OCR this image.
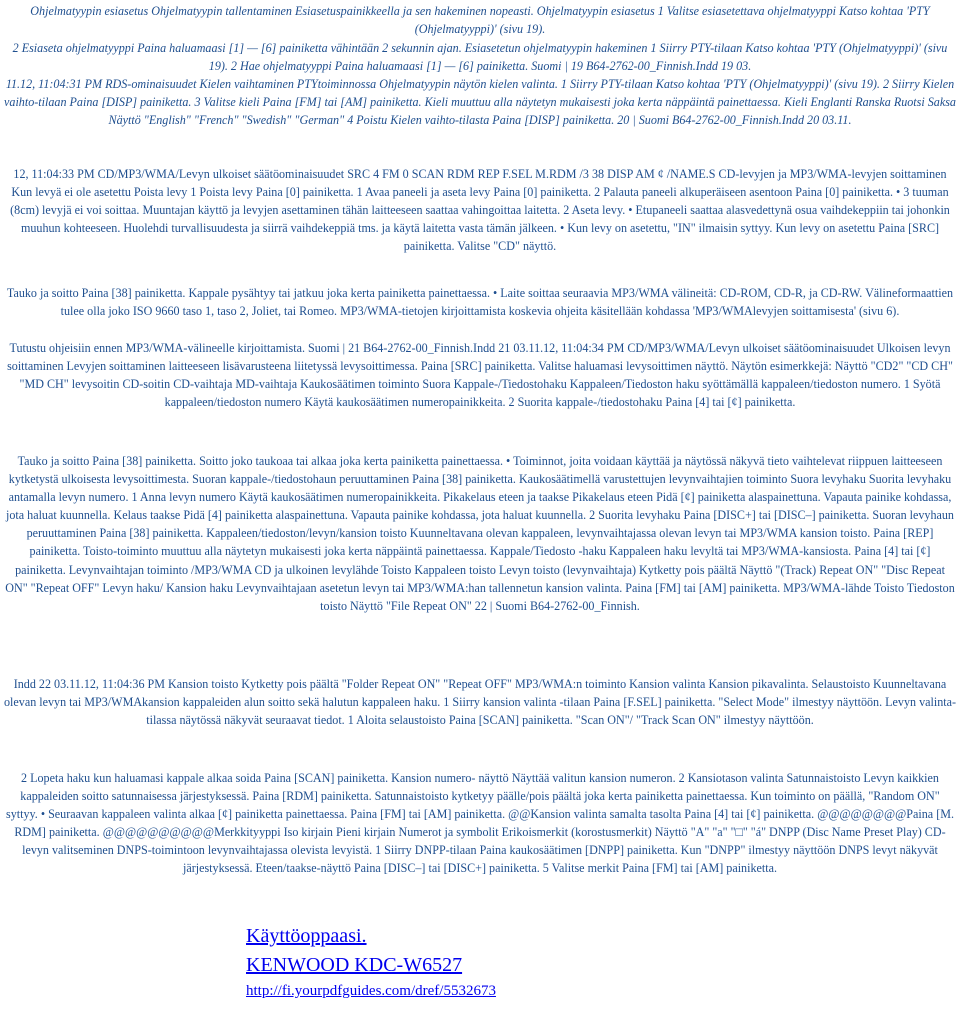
Ohjelmatyypin esiasetus Ohjelmatyypin tallentaminen Esiasetuspainikkeella ja sen hakeminen nopeasti. Ohjelmatyypin esiasetus 1 Valitse esiasetettava ohjelmatyyppi Katso kohtaa 'PTY (Ohjelmatyyppi)' (sivu 19).

2 Esiaseta ohjelmatyyppi Paina haluamaasi [1] — [6] painiketta vähintään 2 sekunnin ajan. Esiasetetun ohjelmatyypin hakeminen 1 Siirry PTY-tilaan Katso kohtaa 'PTY (Ohjelmatyyppi)' (sivu 19). 2 Hae ohjelmatyyppi Paina haluamaasi [1] — [6] painiketta. Suomi | 19 B64-2762-00_Finnish.Indd 19 03.

11.12, 11:04:31 PM RDS-ominaisuudet Kielen vaihtaminen PTYtoiminnossa Ohjelmatyypin näytön kielen valinta. 1 Siirry PTY-tilaan Katso kohtaa 'PTY (Ohjelmatyyppi)' (sivu 19). 2 Siirry Kielen vaihto-tilaan Paina [DISP] painiketta. 3 Valitse kieli Paina [FM] tai [AM] painiketta. Kieli muuttuu alla näytetyn mukaisesti joka kerta näppäintä painettaessa. Kieli Englanti Ranska Ruotsi Saksa Näyttö "English" "French" "Swedish" "German" 4 Poistu Kielen vaihto-tilasta Paina [DISP] painiketta. 20 | Suomi B64-2762-00_Finnish.Indd 20 03.11.

12, 11:04:33 PM CD/MP3/WMA/Levyn ulkoiset säätöominaisuudet SRC 4 FM 0 SCAN RDM REP F.SEL M.RDM /3 38 DISP AM ¢ /NAME.S CD-levyjen ja MP3/WMA-levyjen soittaminen Kun levyä ei ole asetettu Poista levy 1 Poista levy Paina [0] painiketta. 1 Avaa paneeli ja aseta levy Paina [0] painiketta. 2 Palauta paneeli alkuperäiseen asentoon Paina [0] painiketta. • 3 tuuman (8cm) levyjä ei voi soittaa. Muuntajan käyttö ja levyjen asettaminen tähän laitteeseen saattaa vahingoittaa laitetta. 2 Aseta levy. • Etupaneeli saattaa alasvedettynä osua vaihdekeppiin tai johonkin muuhun kohteeseen. Huolehdi turvallisuudesta ja siirrä vaihdekeppiä tms. ja käytä laitetta vasta tämän jälkeen. • Kun levy on asetettu, "IN" ilmaisin syttyy. Kun levy on asetettu Paina [SRC] painiketta. Valitse "CD" näyttö.

Tauko ja soitto Paina [38] painiketta. Kappale pysähtyy tai jatkuu joka kerta painiketta painettaessa. • Laite soittaa seuraavia MP3/WMA välineitä: CD-ROM, CD-R, ja CD-RW. Välineformaattien tulee olla joko ISO 9660 taso 1, taso 2, Joliet, tai Romeo. MP3/WMA-tietojen kirjoittamista koskevia ohjeita käsitellään kohdassa 'MP3/WMAlevyjen soittamisesta' (sivu 6).

Tutustu ohjeisiin ennen MP3/WMA-välineelle kirjoittamista. Suomi | 21 B64-2762-00_Finnish.Indd 21 03.11.12, 11:04:34 PM CD/MP3/WMA/Levyn ulkoiset säätöominaisuudet Ulkoisen levyn soittaminen Levyjen soittaminen laitteeseen lisävarusteena liitetyssä levysoittimessa. Paina [SRC] painiketta. Valitse haluamasi levysoittimen näyttö. Näytön esimerkkejä: Näyttö "CD2" "CD CH" "MD CH" levysoitin CD-soitin CD-vaihtaja MD-vaihtaja Kaukosäätimen toiminto Suora Kappale-/Tiedostohaku Kappaleen/Tiedoston haku syöttämällä kappaleen/tiedoston numero. 1 Syötä kappaleen/tiedoston numero Käytä kaukosäätimen numeropainikkeita. 2 Suorita kappale-/tiedostohaku Paina [4] tai [¢] painiketta.

Tauko ja soitto Paina [38] painiketta. Soitto joko taukoaa tai alkaa joka kerta painiketta painettaessa. • Toiminnot, joita voidaan käyttää ja näytössä näkyvä tieto vaihtelevat riippuen laitteeseen kytketystä ulkoisesta levysoittimesta. Suoran kappale-/tiedostohaun peruuttaminen Paina [38] painiketta. Kaukosäätimellä varustettujen levynvaihtajien toiminto Suora levyhaku Suorita levyhaku antamalla levyn numero. 1 Anna levyn numero Käytä kaukosäätimen numeropainikkeita. Pikakelaus eteen ja taakse Pikakelaus eteen Pidä [¢] painiketta alaspainettuna. Vapauta painike kohdassa, jota haluat kuunnella. Kelaus taakse Pidä [4] painiketta alaspainettuna. Vapauta painike kohdassa, jota haluat kuunnella. 2 Suorita levyhaku Paina [DISC+] tai [DISC–] painiketta. Suoran levyhaun peruuttaminen Paina [38] painiketta. Kappaleen/tiedoston/levyn/kansion toisto Kuunneltavana olevan kappaleen, levynvaihtajassa olevan levyn tai MP3/WMA kansion toisto. Paina [REP] painiketta. Toisto-toiminto muuttuu alla näytetyn mukaisesti joka kerta näppäintä painettaessa. Kappale/Tiedosto -haku Kappaleen haku levyltä tai MP3/WMA-kansiosta. Paina [4] tai [¢] painiketta. Levynvaihtajan toiminto /MP3/WMA CD ja ulkoinen levylähde Toisto Kappaleen toisto Levyn toisto (levynvaihtaja) Kytketty pois päältä Näyttö "(Track) Repeat ON" "Disc Repeat ON" "Repeat OFF" Levyn haku/ Kansion haku Levynvaihtajaan asetetun levyn tai MP3/WMA:han tallennetun kansion valinta. Paina [FM] tai [AM] painiketta. MP3/WMA-lähde Toisto Tiedoston toisto Näyttö "File Repeat ON" 22 | Suomi B64-2762-00_Finnish.

Indd 22 03.11.12, 11:04:36 PM Kansion toisto Kytketty pois päältä "Folder Repeat ON" "Repeat OFF" MP3/WMA:n toiminto Kansion valinta Kansion pikavalinta. Selaustoisto Kuunneltavana olevan levyn tai MP3/WMAkansion kappaleiden alun soitto sekä halutun kappaleen haku. 1 Siirry kansion valinta -tilaan Paina [F.SEL] painiketta. "Select Mode" ilmestyy näyttöön. Levyn valinta-tilassa näytössä näkyvät seuraavat tiedot. 1 Aloita selaustoisto Paina [SCAN] painiketta. "Scan ON"/ "Track Scan ON" ilmestyy näyttöön.

2 Lopeta haku kun haluamasi kappale alkaa soida Paina [SCAN] painiketta. Kansion numero- näyttö Näyttää valitun kansion numeron. 2 Kansiotason valinta Satunnaistoisto Levyn kaikkien kappaleiden soitto satunnaisessa järjestyksessä. Paina [RDM] painiketta. Satunnaistoisto kytketyy päälle/pois päältä joka kerta painiketta painettaessa. Kun toiminto on päällä, "Random ON" syttyy. • Seuraavan kappaleen valinta alkaa [¢] painiketta painettaessa. Paina [FM] tai [AM] painiketta. @@Kansion valinta samalta tasolta Paina [4] tai [¢] painiketta. @@@@@@@@Paina [M. RDM] painiketta. @@@@@@@@@@Merkkityyppi Iso kirjain Pieni kirjain Numerot ja symbolit Erikoismerkit (korostusmerkit) Näyttö "A" "a" "□" "á" DNPP (Disc Name Preset Play) CD-levyn valitseminen DNPS-toimintoon levynvaihtajassa olevista levyistä. 1 Siirry DNPP-tilaan Paina kaukosäätimen [DNPP] painiketta. Kun "DNPP" ilmestyy näyttöön DNPS levyt näkyvät järjestyksessä. Eteen/taakse-näyttö Paina [DISC–] tai [DISC+] painiketta. 5 Valitse merkit Paina [FM] tai [AM] painiketta.

Käyttöoppaasi.
KENWOOD KDC-W6527
http://fi.yourpdfguides.com/dref/5532673
